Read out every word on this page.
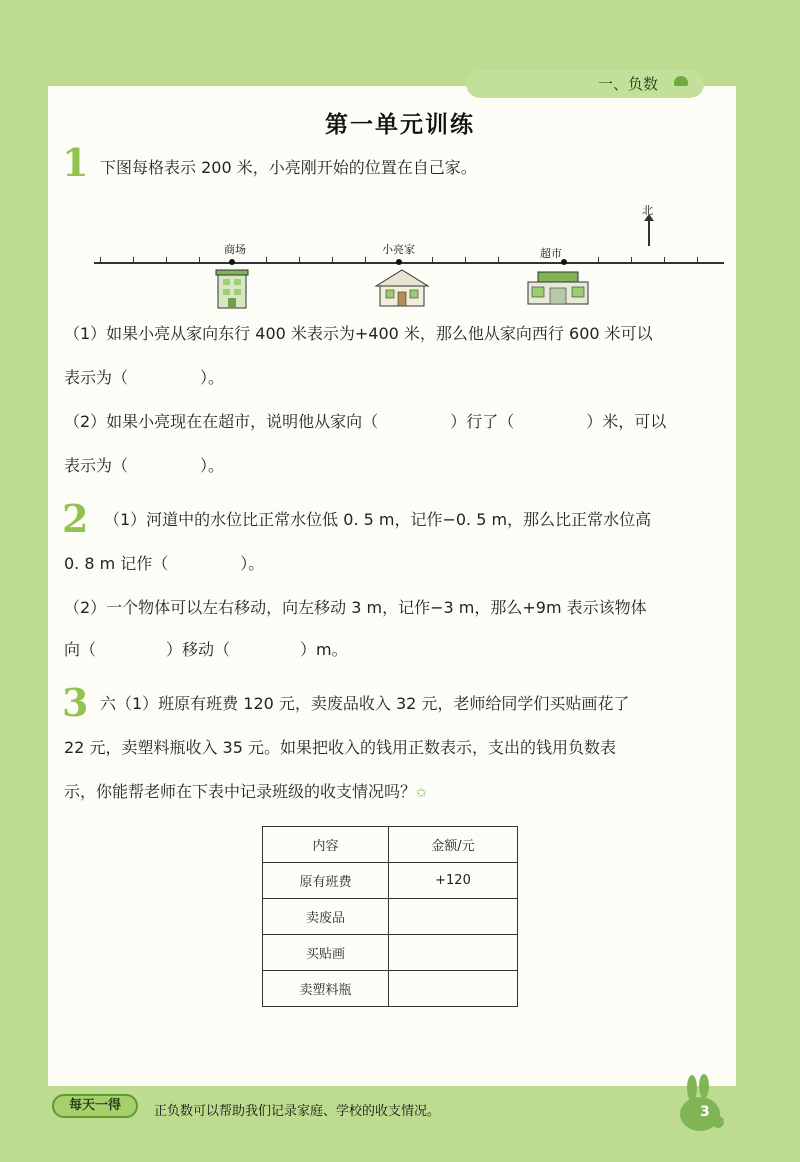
一、负数
第一单元训练
1 下图每格表示 200 米，小亮刚开始的位置在自己家。
商场	小亮家	超市
北
（1）如果小亮从家向东行 400 米表示为+400 米，那么他从家向西行 600 米可以
表示为（	）。
（2）如果小亮现在在超市，说明他从家向（	）行了（	）米，可以
表示为（	）。
2 （1）河道中的水位比正常水位低 0. 5 m，记作−0. 5 m，那么比正常水位高
0. 8 m 记作（	）。
（2）一个物体可以左右移动，向左移动 3 m，记作−3 m，那么+9m 表示该物体
向（	）移动（	）m。
3 六（1）班原有班费 120 元，卖废品收入 32 元，老师给同学们买贴画花了
22 元，卖塑料瓶收入 35 元。如果把收入的钱用正数表示，支出的钱用负数表
示，你能帮老师在下表中记录班级的收支情况吗？✩
内容	金额/元
原有班费	+120
卖废品	
买贴画	
卖塑料瓶	
每天一得	正负数可以帮助我们记录家庭、学校的收支情况。	3
